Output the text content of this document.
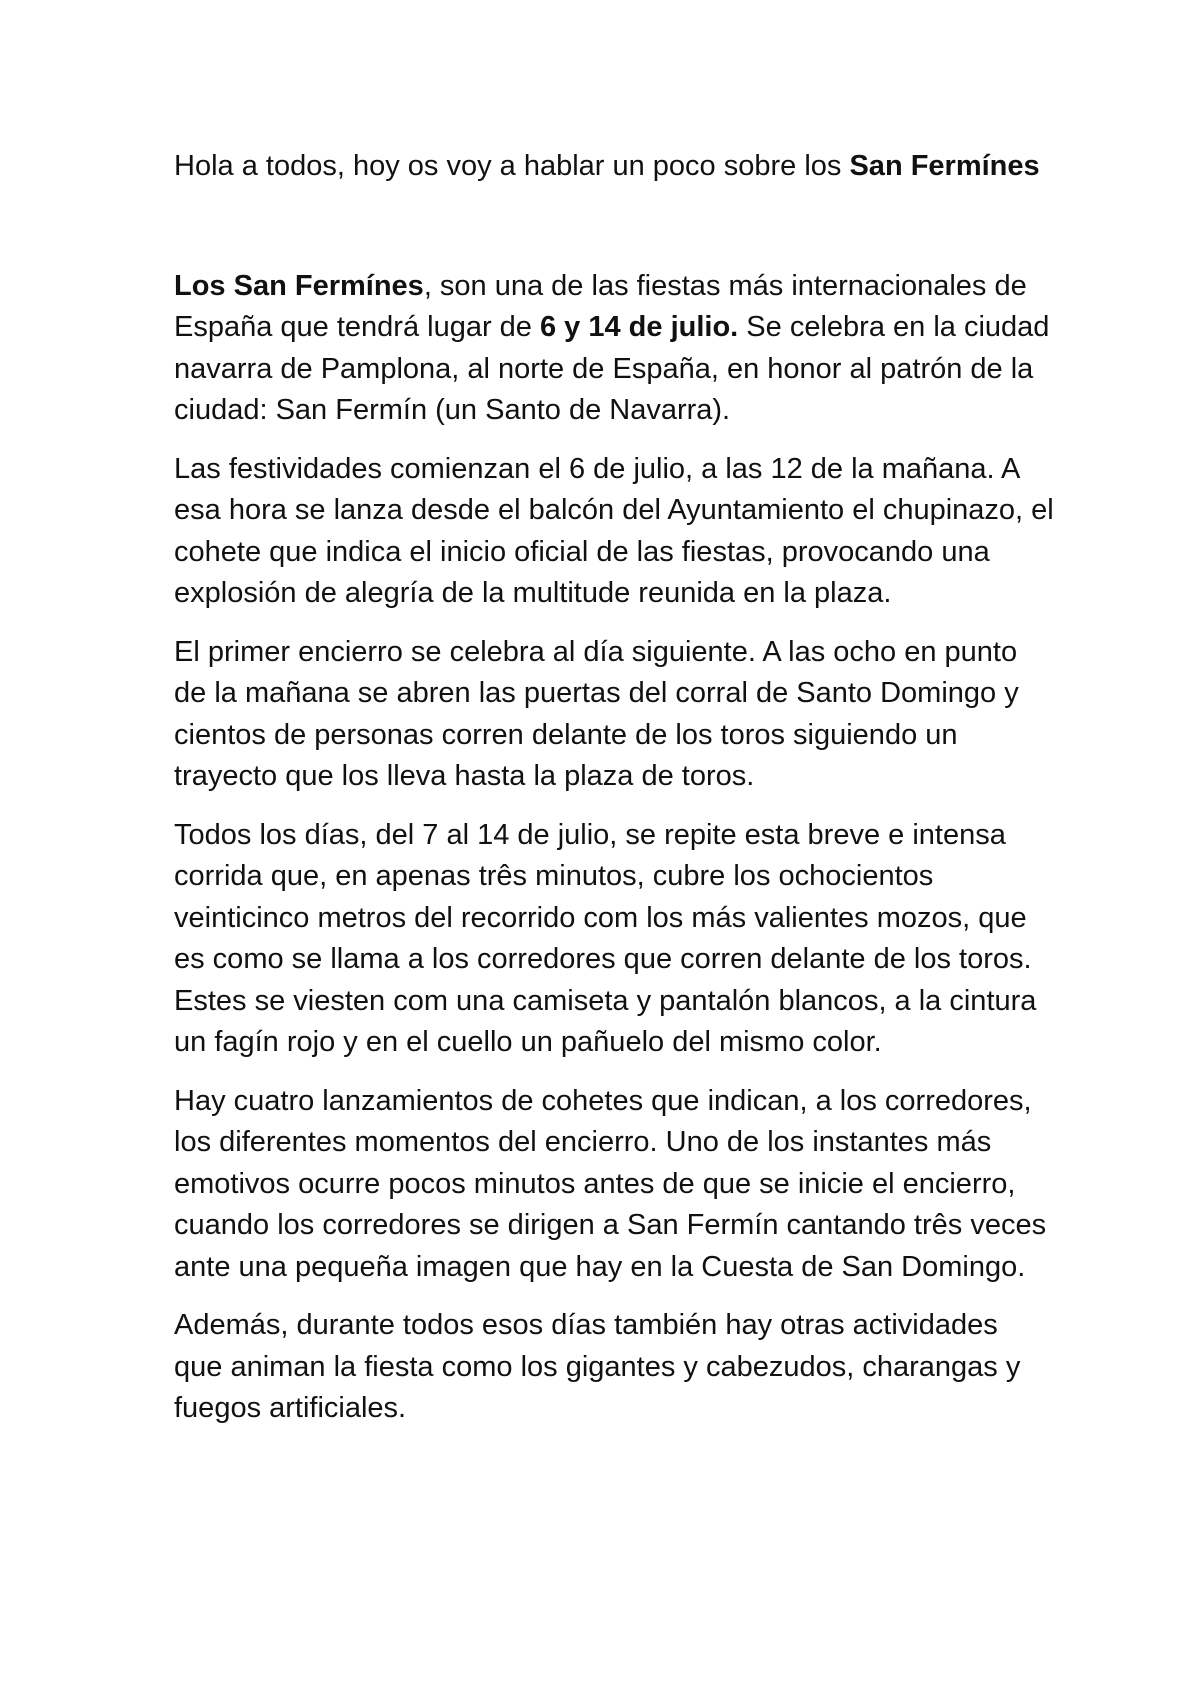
Hola a todos, hoy os voy a hablar un poco sobre los San Fermínes

Los San Fermínes, son una de las fiestas más internacionales de España que tendrá lugar de 6 y 14 de julio. Se celebra en la ciudad navarra de Pamplona, al norte de España, en honor al patrón de la ciudad: San Fermín (un Santo de Navarra).

Las festividades comienzan el 6 de julio, a las 12 de la mañana. A esa hora se lanza desde el balcón del Ayuntamiento el chupinazo, el cohete que indica el inicio oficial de las fiestas, provocando una explosión de alegría de la multitude reunida en la plaza.

El primer encierro se celebra al día siguiente. A las ocho en punto de la mañana se abren las puertas del corral de Santo Domingo y cientos de personas corren delante de los toros siguiendo un trayecto que los lleva hasta la plaza de toros.

Todos los días, del 7 al 14 de julio, se repite esta breve e intensa corrida que, en apenas três minutos, cubre los ochocientos veinticinco metros del recorrido com los más valientes mozos, que es como se llama a los corredores que corren delante de los toros. Estes se viesten com una camiseta y pantalón blancos, a la cintura un fagín rojo y en el cuello un pañuelo del mismo color.

Hay cuatro lanzamientos de cohetes que indican, a los corredores, los diferentes momentos del encierro. Uno de los instantes más emotivos ocurre pocos minutos antes de que se inicie el encierro, cuando los corredores se dirigen a San Fermín cantando três veces ante una pequeña imagen que hay en la Cuesta de San Domingo.

Además, durante todos esos días también hay otras actividades que animan la fiesta como los gigantes y cabezudos, charangas y fuegos artificiales.
